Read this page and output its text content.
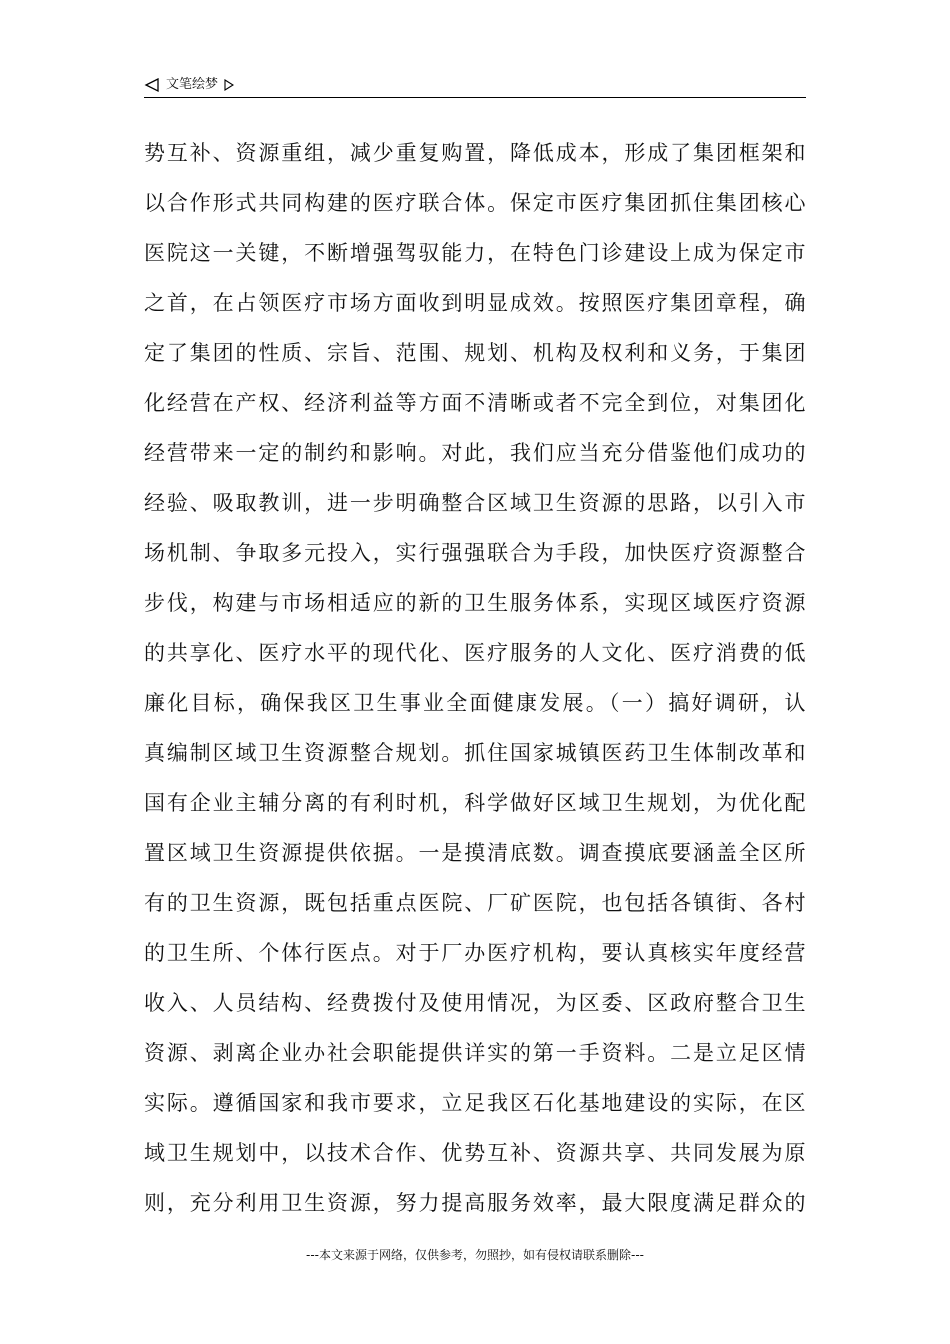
文笔绘梦
势互补、资源重组，减少重复购置，降低成本，形成了集团框架和
以合作形式共同构建的医疗联合体。保定市医疗集团抓住集团核心
医院这一关键，不断增强驾驭能力，在特色门诊建设上成为保定市
之首，在占领医疗市场方面收到明显成效。按照医疗集团章程，确
定了集团的性质、宗旨、范围、规划、机构及权利和义务，于集团
化经营在产权、经济利益等方面不清晰或者不完全到位，对集团化
经营带来一定的制约和影响。对此，我们应当充分借鉴他们成功的
经验、吸取教训，进一步明确整合区域卫生资源的思路，以引入市
场机制、争取多元投入，实行强强联合为手段，加快医疗资源整合
步伐，构建与市场相适应的新的卫生服务体系，实现区域医疗资源
的共享化、医疗水平的现代化、医疗服务的人文化、医疗消费的低
廉化目标，确保我区卫生事业全面健康发展。（一）搞好调研，认
真编制区域卫生资源整合规划。抓住国家城镇医药卫生体制改革和
国有企业主辅分离的有利时机，科学做好区域卫生规划，为优化配
置区域卫生资源提供依据。一是摸清底数。调查摸底要涵盖全区所
有的卫生资源，既包括重点医院、厂矿医院，也包括各镇街、各村
的卫生所、个体行医点。对于厂办医疗机构，要认真核实年度经营
收入、人员结构、经费拨付及使用情况，为区委、区政府整合卫生
资源、剥离企业办社会职能提供详实的第一手资料。二是立足区情
实际。遵循国家和我市要求，立足我区石化基地建设的实际，在区
域卫生规划中，以技术合作、优势互补、资源共享、共同发展为原
则，充分利用卫生资源，努力提高服务效率，最大限度满足群众的
---本文来源于网络，仅供参考，勿照抄，如有侵权请联系删除---
